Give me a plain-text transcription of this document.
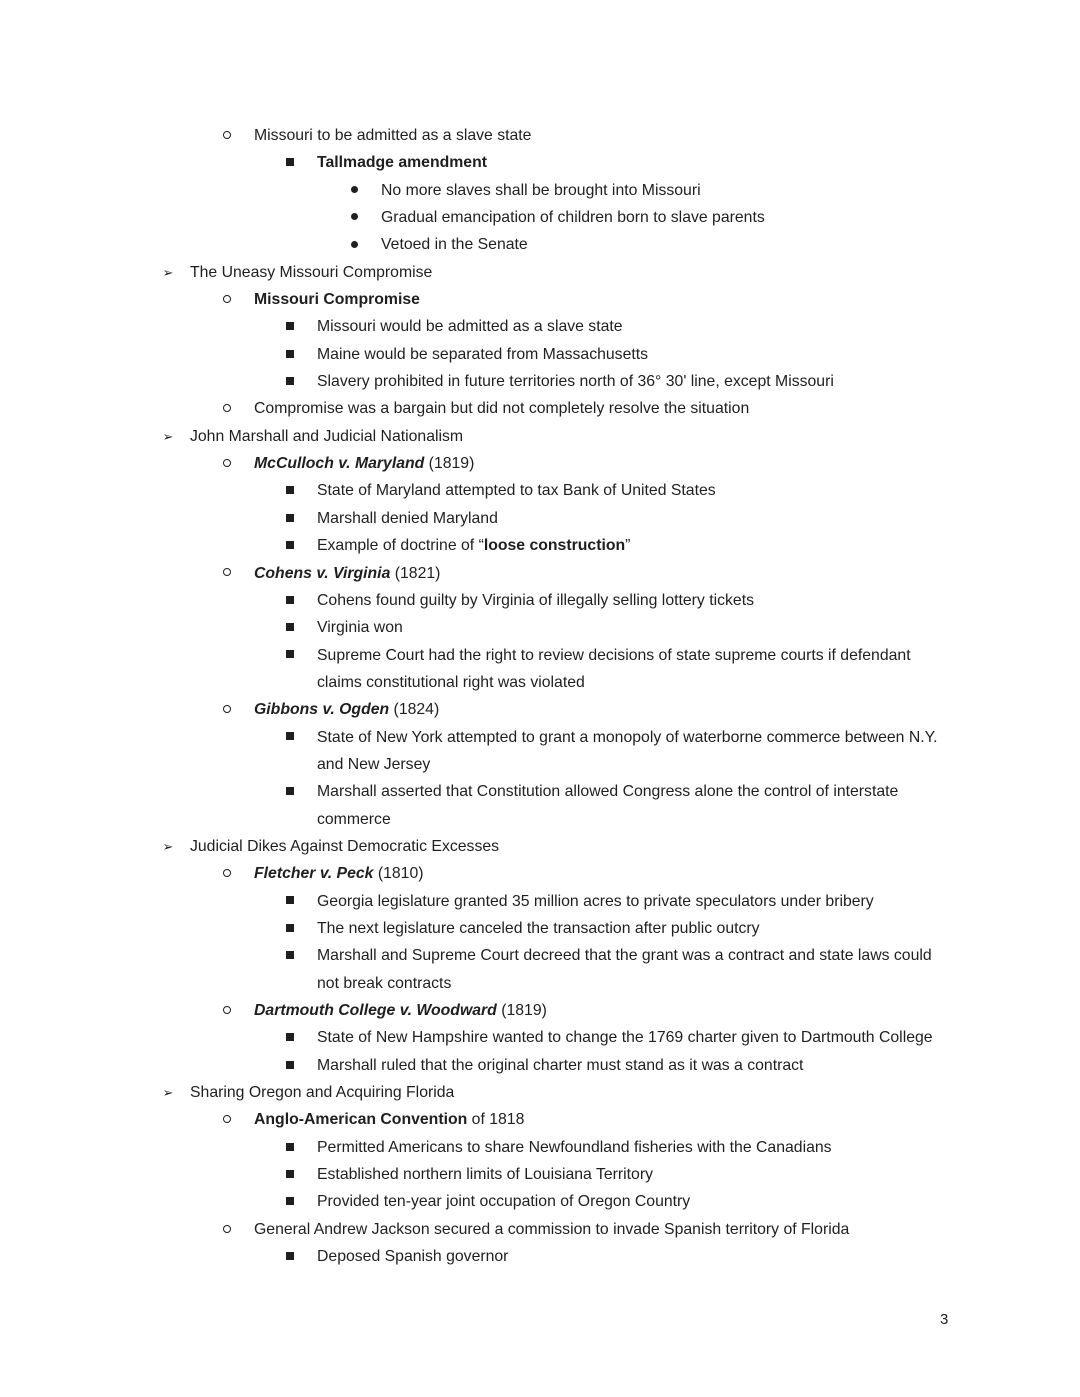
Missouri to be admitted as a slave state
Tallmadge amendment
No more slaves shall be brought into Missouri
Gradual emancipation of children born to slave parents
Vetoed in the Senate
➢ The Uneasy Missouri Compromise
Missouri Compromise
Missouri would be admitted as a slave state
Maine would be separated from Massachusetts
Slavery prohibited in future territories north of 36° 30' line, except Missouri
Compromise was a bargain but did not completely resolve the situation
➢ John Marshall and Judicial Nationalism
McCulloch v. Maryland (1819)
State of Maryland attempted to tax Bank of United States
Marshall denied Maryland
Example of doctrine of “loose construction”
Cohens v. Virginia (1821)
Cohens found guilty by Virginia of illegally selling lottery tickets
Virginia won
Supreme Court had the right to review decisions of state supreme courts if defendant
claims constitutional right was violated
Gibbons v. Ogden (1824)
State of New York attempted to grant a monopoly of waterborne commerce between N.Y.
and New Jersey
Marshall asserted that Constitution allowed Congress alone the control of interstate
commerce
➢ Judicial Dikes Against Democratic Excesses
Fletcher v. Peck (1810)
Georgia legislature granted 35 million acres to private speculators under bribery
The next legislature canceled the transaction after public outcry
Marshall and Supreme Court decreed that the grant was a contract and state laws could
not break contracts
Dartmouth College v. Woodward (1819)
State of New Hampshire wanted to change the 1769 charter given to Dartmouth College
Marshall ruled that the original charter must stand as it was a contract
➢ Sharing Oregon and Acquiring Florida
Anglo-American Convention of 1818
Permitted Americans to share Newfoundland fisheries with the Canadians
Established northern limits of Louisiana Territory
Provided ten-year joint occupation of Oregon Country
General Andrew Jackson secured a commission to invade Spanish territory of Florida
Deposed Spanish governor
3
